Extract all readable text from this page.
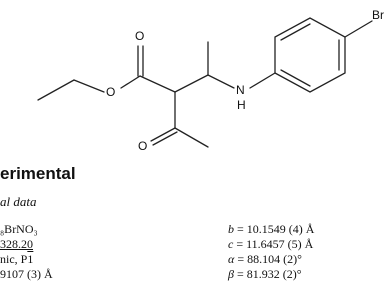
O
O
O
N
H
Br
erimental
al data
₈BrNO₃
328.20
nic, P1
9107 (3) Å
b = 10.1549 (4) Å
c = 11.6457 (5) Å
α = 88.104 (2)°
β = 81.932 (2)°
